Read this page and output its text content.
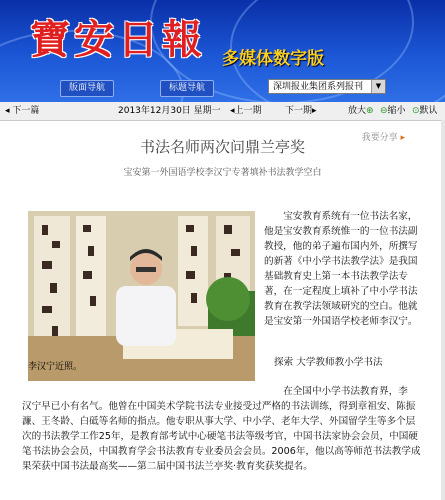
寶安日報 多媒体数字版
版面导航	标题导航	深圳报业集团系列报刊	▼
◂ 下一篇	2013年12月30日 星期一 ◂上一期	下一期▸	放大⊕ ⊖缩小 ⊙默认
我要分享 ▸
书法名师两次问鼎兰亭奖
宝安第一外国语学校李汉宁专著填补书法教学空白
李汉宁近照。
宝安教育系统有一位书法名家，他是宝安教育系统惟一的一位书法副教授，他的弟子遍布国内外，所撰写的新著《中小学书法教学法》是我国基础教育史上第一本书法教学法专著，在一定程度上填补了中小学书法教育在教学法领域研究的空白。他就是宝安第一外国语学校老师李汉宁。
探索 大学教师教小学书法
在全国中小学书法教育界，李
汉宁早已小有名气。他曾在中国美术学院书法专业接受过严格的书法训练，得到章祖安、陈振濂、王冬龄、白砥等名师的指点。他专职从事大学、中小学、老年大学、外国留学生等多个层次的书法教学工作25年，是教育部考试中心硬笔书法等级考官，中国书法家协会会员，中国硬笔书法协会会员，中国教育学会书法教育专业委员会会员。2006年，他以高等师范书法教学成果荣获中国书法最高奖——第二届中国书法兰亭奖·教育奖获奖提名。
